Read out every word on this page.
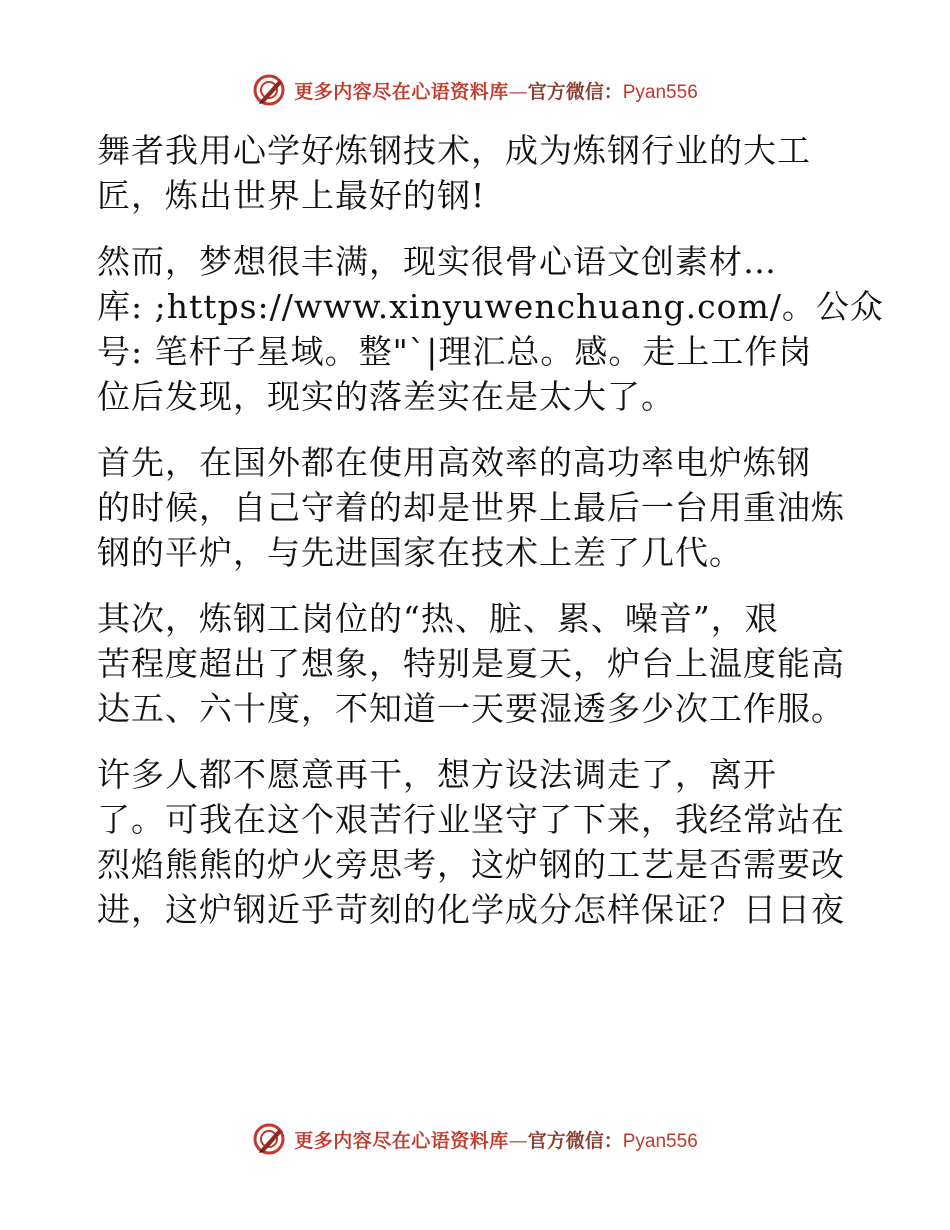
更多内容尽在心语资料库—官方微信：Pyan556

舞者我用心学好炼钢技术，成为炼钢行业的大工
匠，炼出世界上最好的钢!

然而，梦想很丰满，现实很骨心语文创素材…
库: ;https://www.xinyuwenchuang.com/。公众
号: 笔杆子星域。整"`|理汇总。感。走上工作岗
位后发现，现实的落差实在是太大了。

首先，在国外都在使用高效率的高功率电炉炼钢
的时候，自己守着的却是世界上最后一台用重油炼
钢的平炉，与先进国家在技术上差了几代。

其次，炼钢工岗位的“热、脏、累、噪音”，艰
苦程度超出了想象，特别是夏天，炉台上温度能高
达五、六十度，不知道一天要湿透多少次工作服。

许多人都不愿意再干，想方设法调走了，离开
了。可我在这个艰苦行业坚守了下来，我经常站在
烈焰熊熊的炉火旁思考，这炉钢的工艺是否需要改
进，这炉钢近乎苛刻的化学成分怎样保证？日日夜

更多内容尽在心语资料库—官方微信：Pyan556
